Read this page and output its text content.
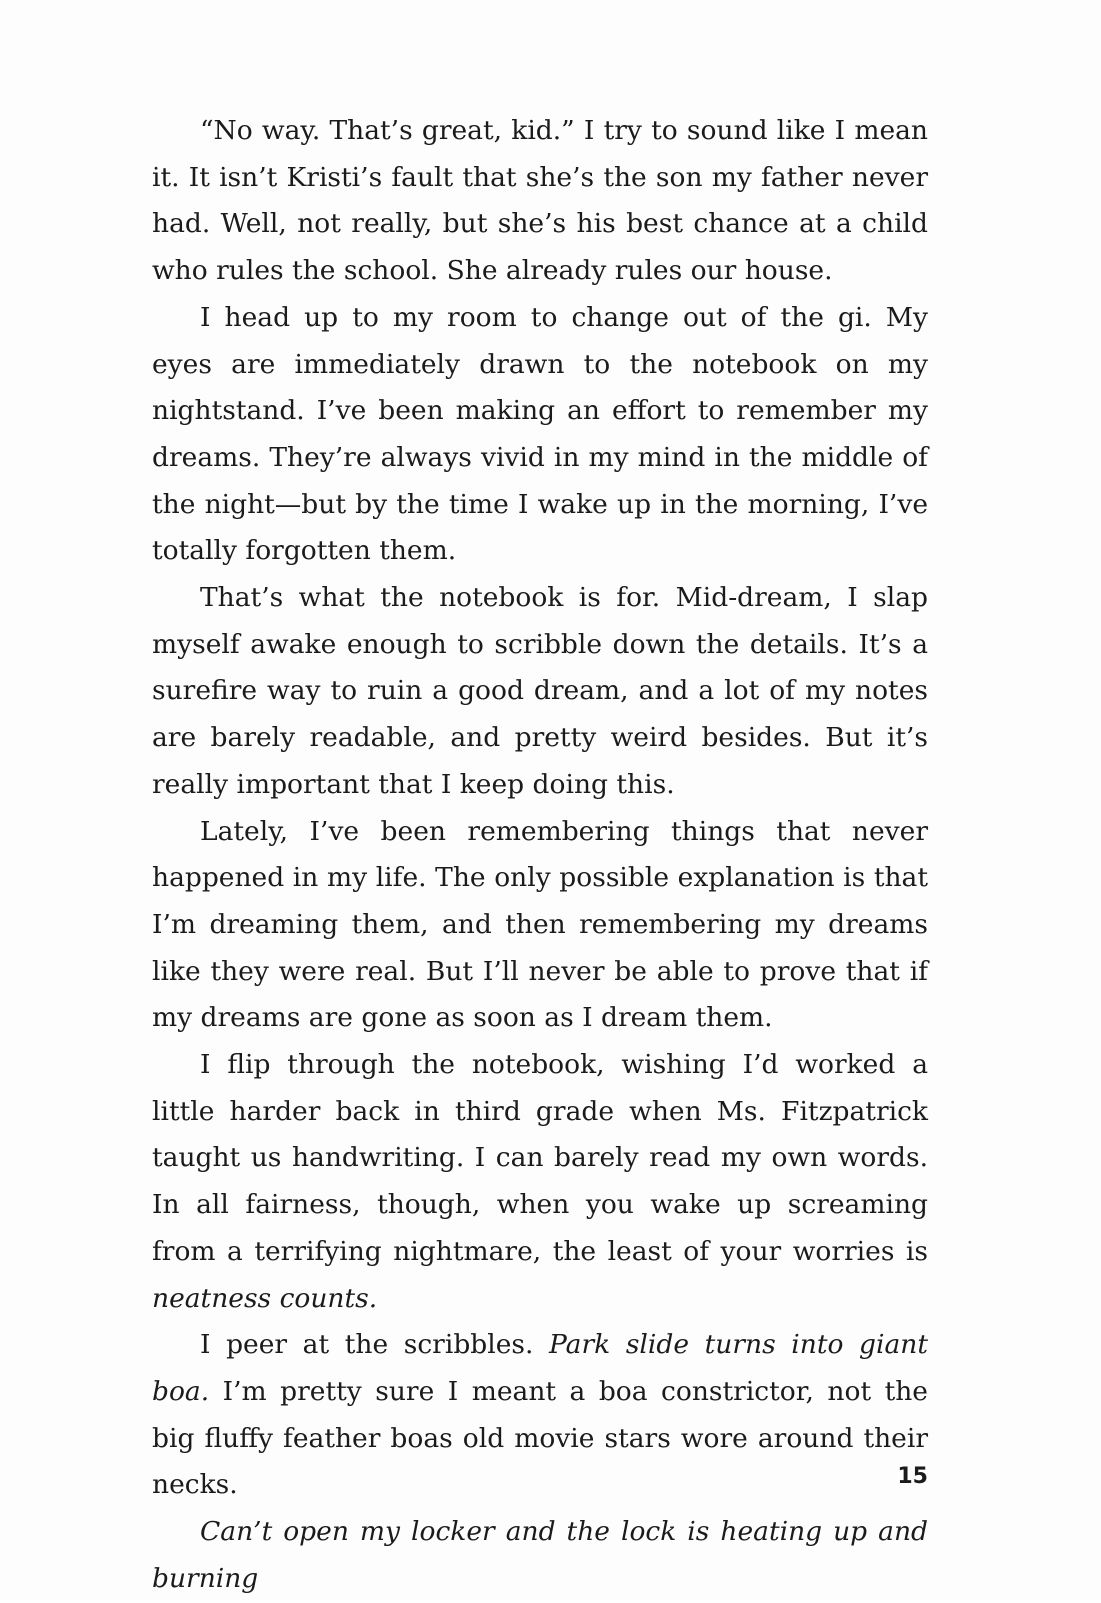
“No way. That’s great, kid.” I try to sound like I mean it. It isn’t Kristi’s fault that she’s the son my father never had. Well, not really, but she’s his best chance at a child who rules the school. She already rules our house.

I head up to my room to change out of the gi. My eyes are immediately drawn to the notebook on my nightstand. I’ve been making an effort to remember my dreams. They’re always vivid in my mind in the middle of the night—but by the time I wake up in the morning, I’ve totally forgotten them.

That’s what the notebook is for. Mid-dream, I slap myself awake enough to scribble down the details. It’s a surefire way to ruin a good dream, and a lot of my notes are barely readable, and pretty weird besides. But it’s really important that I keep doing this.

Lately, I’ve been remembering things that never happened in my life. The only possible explanation is that I’m dreaming them, and then remembering my dreams like they were real. But I’ll never be able to prove that if my dreams are gone as soon as I dream them.

I flip through the notebook, wishing I’d worked a little harder back in third grade when Ms. Fitzpatrick taught us handwriting. I can barely read my own words. In all fairness, though, when you wake up screaming from a terrifying nightmare, the least of your worries is neatness counts.

I peer at the scribbles. Park slide turns into giant boa. I’m pretty sure I meant a boa constrictor, not the big fluffy feather boas old movie stars wore around their necks.

Can’t open my locker and the lock is heating up and burning

15
